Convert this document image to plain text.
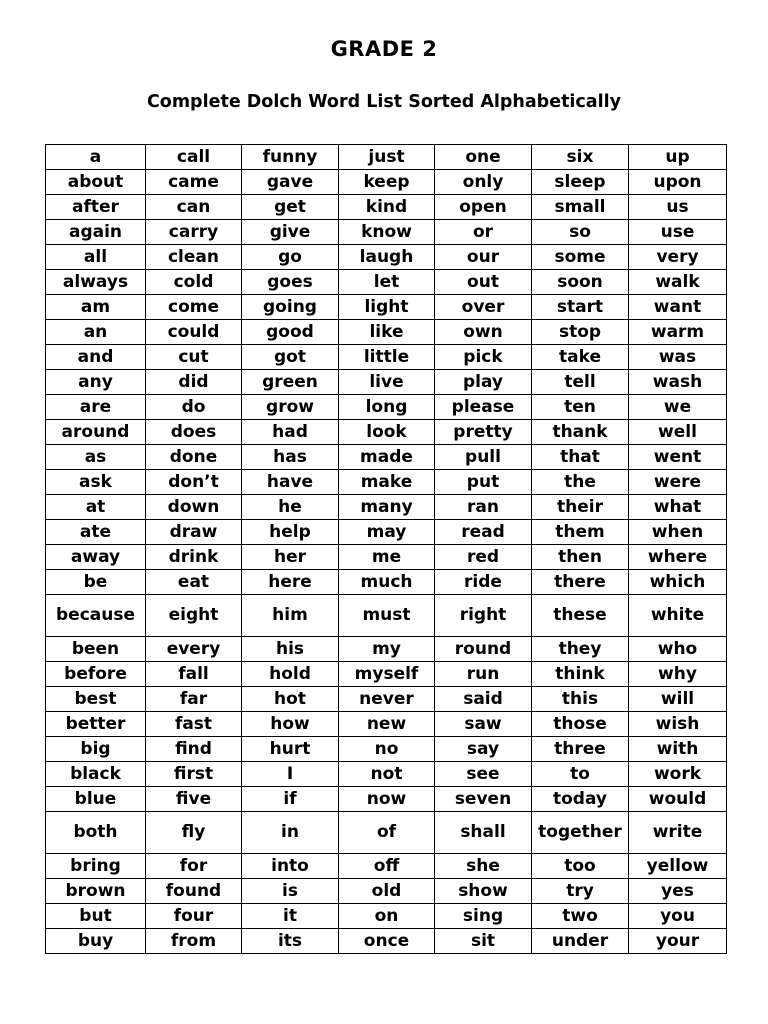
GRADE 2
Complete Dolch Word List Sorted Alphabetically
a	call	funny	just	one	six	up
about	came	gave	keep	only	sleep	upon
after	can	get	kind	open	small	us
again	carry	give	know	or	so	use
all	clean	go	laugh	our	some	very
always	cold	goes	let	out	soon	walk
am	come	going	light	over	start	want
an	could	good	like	own	stop	warm
and	cut	got	little	pick	take	was
any	did	green	live	play	tell	wash
are	do	grow	long	please	ten	we
around	does	had	look	pretty	thank	well
as	done	has	made	pull	that	went
ask	don’t	have	make	put	the	were
at	down	he	many	ran	their	what
ate	draw	help	may	read	them	when
away	drink	her	me	red	then	where
be	eat	here	much	ride	there	which
because	eight	him	must	right	these	white
been	every	his	my	round	they	who
before	fall	hold	myself	run	think	why
best	far	hot	never	said	this	will
better	fast	how	new	saw	those	wish
big	find	hurt	no	say	three	with
black	first	I	not	see	to	work
blue	five	if	now	seven	today	would
both	fly	in	of	shall	together	write
bring	for	into	off	she	too	yellow
brown	found	is	old	show	try	yes
but	four	it	on	sing	two	you
buy	from	its	once	sit	under	your
